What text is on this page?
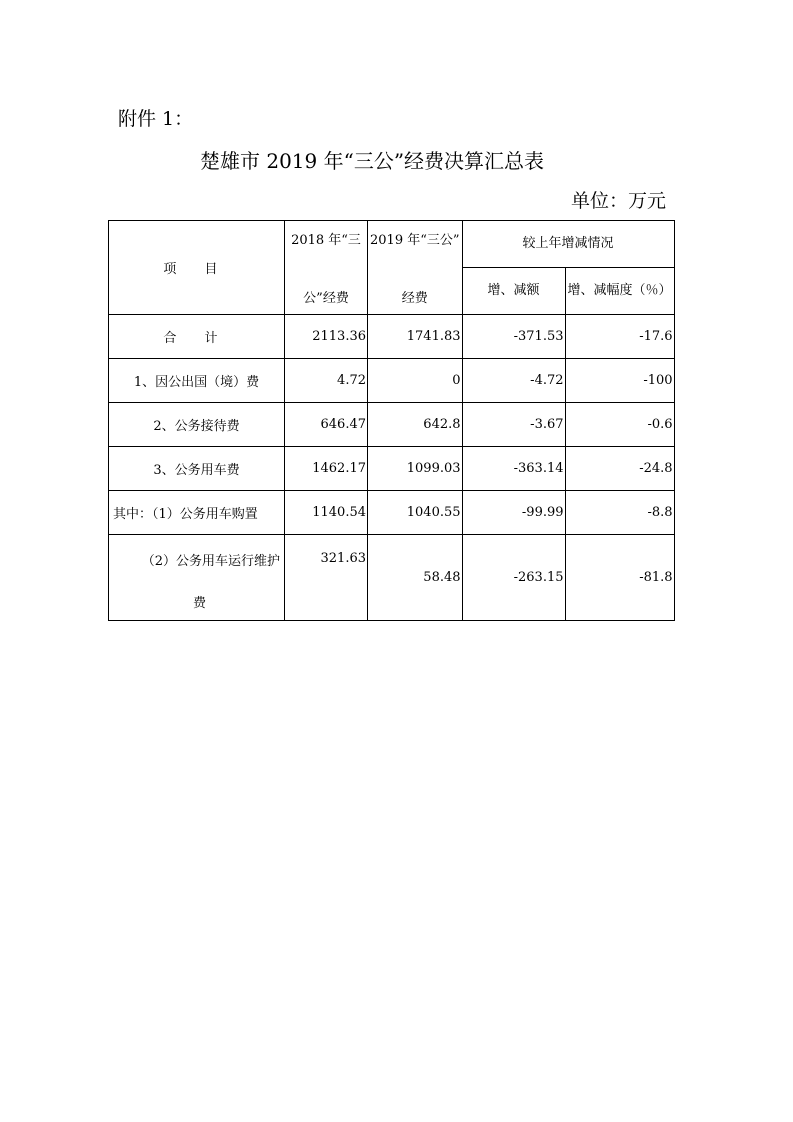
附件 1：
楚雄市 2019 年“三公”经费决算汇总表
单位：万元
项 目	2018 年“三	2019 年“三公”	较上年增减情况	
	公”经费	经费	增、减额	增、减幅度（％）
合 计	2113.36	1741.83	-371.53	-17.6
1、因公出国（境）费	4.72	0	-4.72	-100
2、公务接待费	646.47	642.8	-3.67	-0.6
3、公务用车费	1462.17	1099.03	-363.14	-24.8
其中：（1）公务用车购置	1140.54	1040.55	-99.99	-8.8

（2）公务用车运行维护
费	321.63	58.48	-263.15	-81.8
